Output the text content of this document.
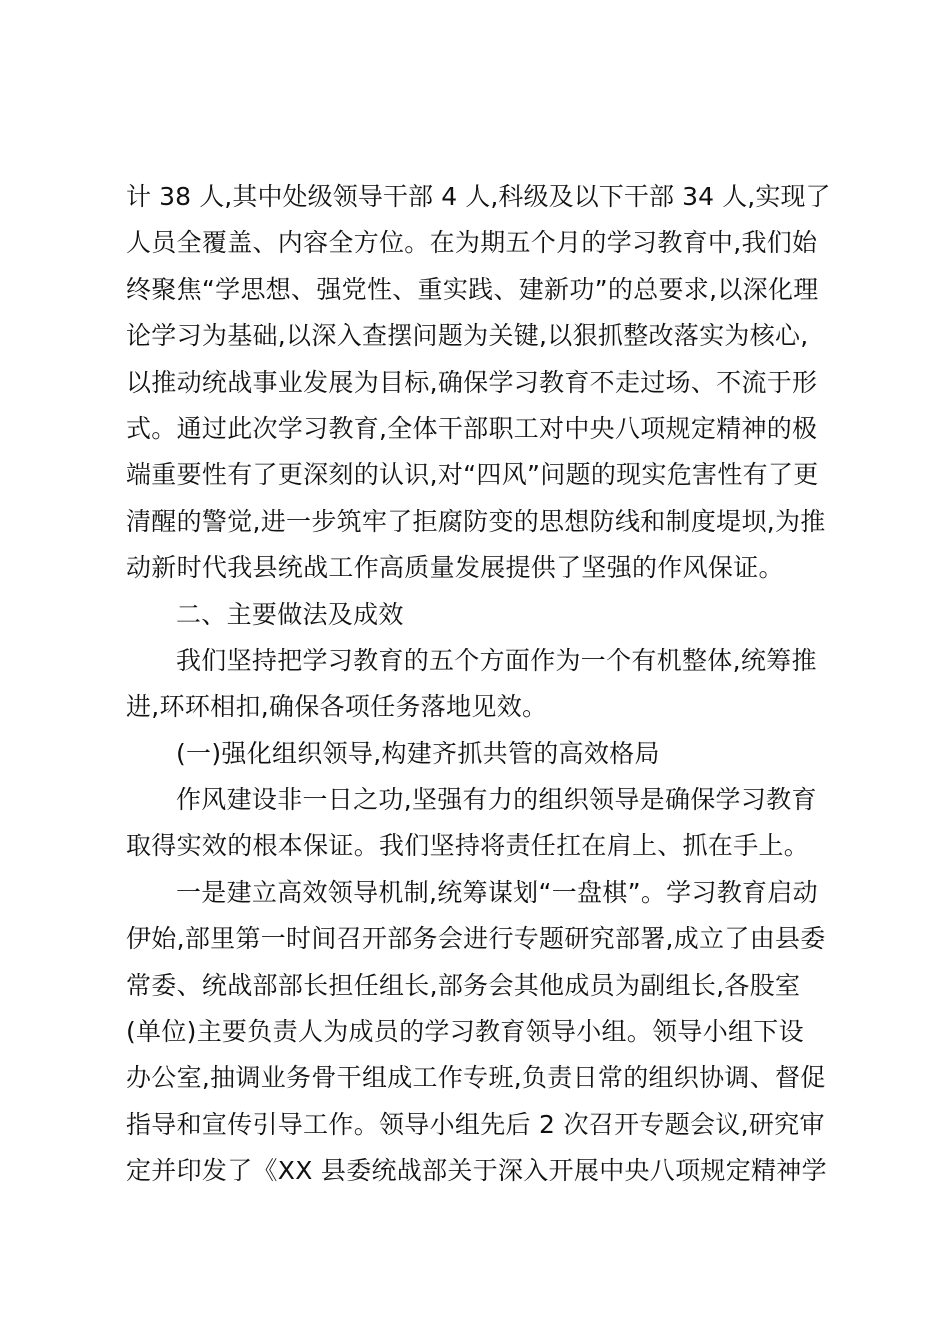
计 38 人,其中处级领导干部 4 人,科级及以下干部 34 人,实现了
人员全覆盖、内容全方位。在为期五个月的学习教育中,我们始
终聚焦“学思想、强党性、重实践、建新功”的总要求,以深化理
论学习为基础,以深入查摆问题为关键,以狠抓整改落实为核心,
以推动统战事业发展为目标,确保学习教育不走过场、不流于形
式。通过此次学习教育,全体干部职工对中央八项规定精神的极
端重要性有了更深刻的认识,对“四风”问题的现实危害性有了更
清醒的警觉,进一步筑牢了拒腐防变的思想防线和制度堤坝,为推
动新时代我县统战工作高质量发展提供了坚强的作风保证。
二、主要做法及成效
我们坚持把学习教育的五个方面作为一个有机整体,统筹推
进,环环相扣,确保各项任务落地见效。
(一)强化组织领导,构建齐抓共管的高效格局
作风建设非一日之功,坚强有力的组织领导是确保学习教育
取得实效的根本保证。我们坚持将责任扛在肩上、抓在手上。
一是建立高效领导机制,统筹谋划“一盘棋”。学习教育启动
伊始,部里第一时间召开部务会进行专题研究部署,成立了由县委
常委、统战部部长担任组长,部务会其他成员为副组长,各股室
(单位)主要负责人为成员的学习教育领导小组。领导小组下设
办公室,抽调业务骨干组成工作专班,负责日常的组织协调、督促
指导和宣传引导工作。领导小组先后 2 次召开专题会议,研究审
定并印发了《XX 县委统战部关于深入开展中央八项规定精神学
